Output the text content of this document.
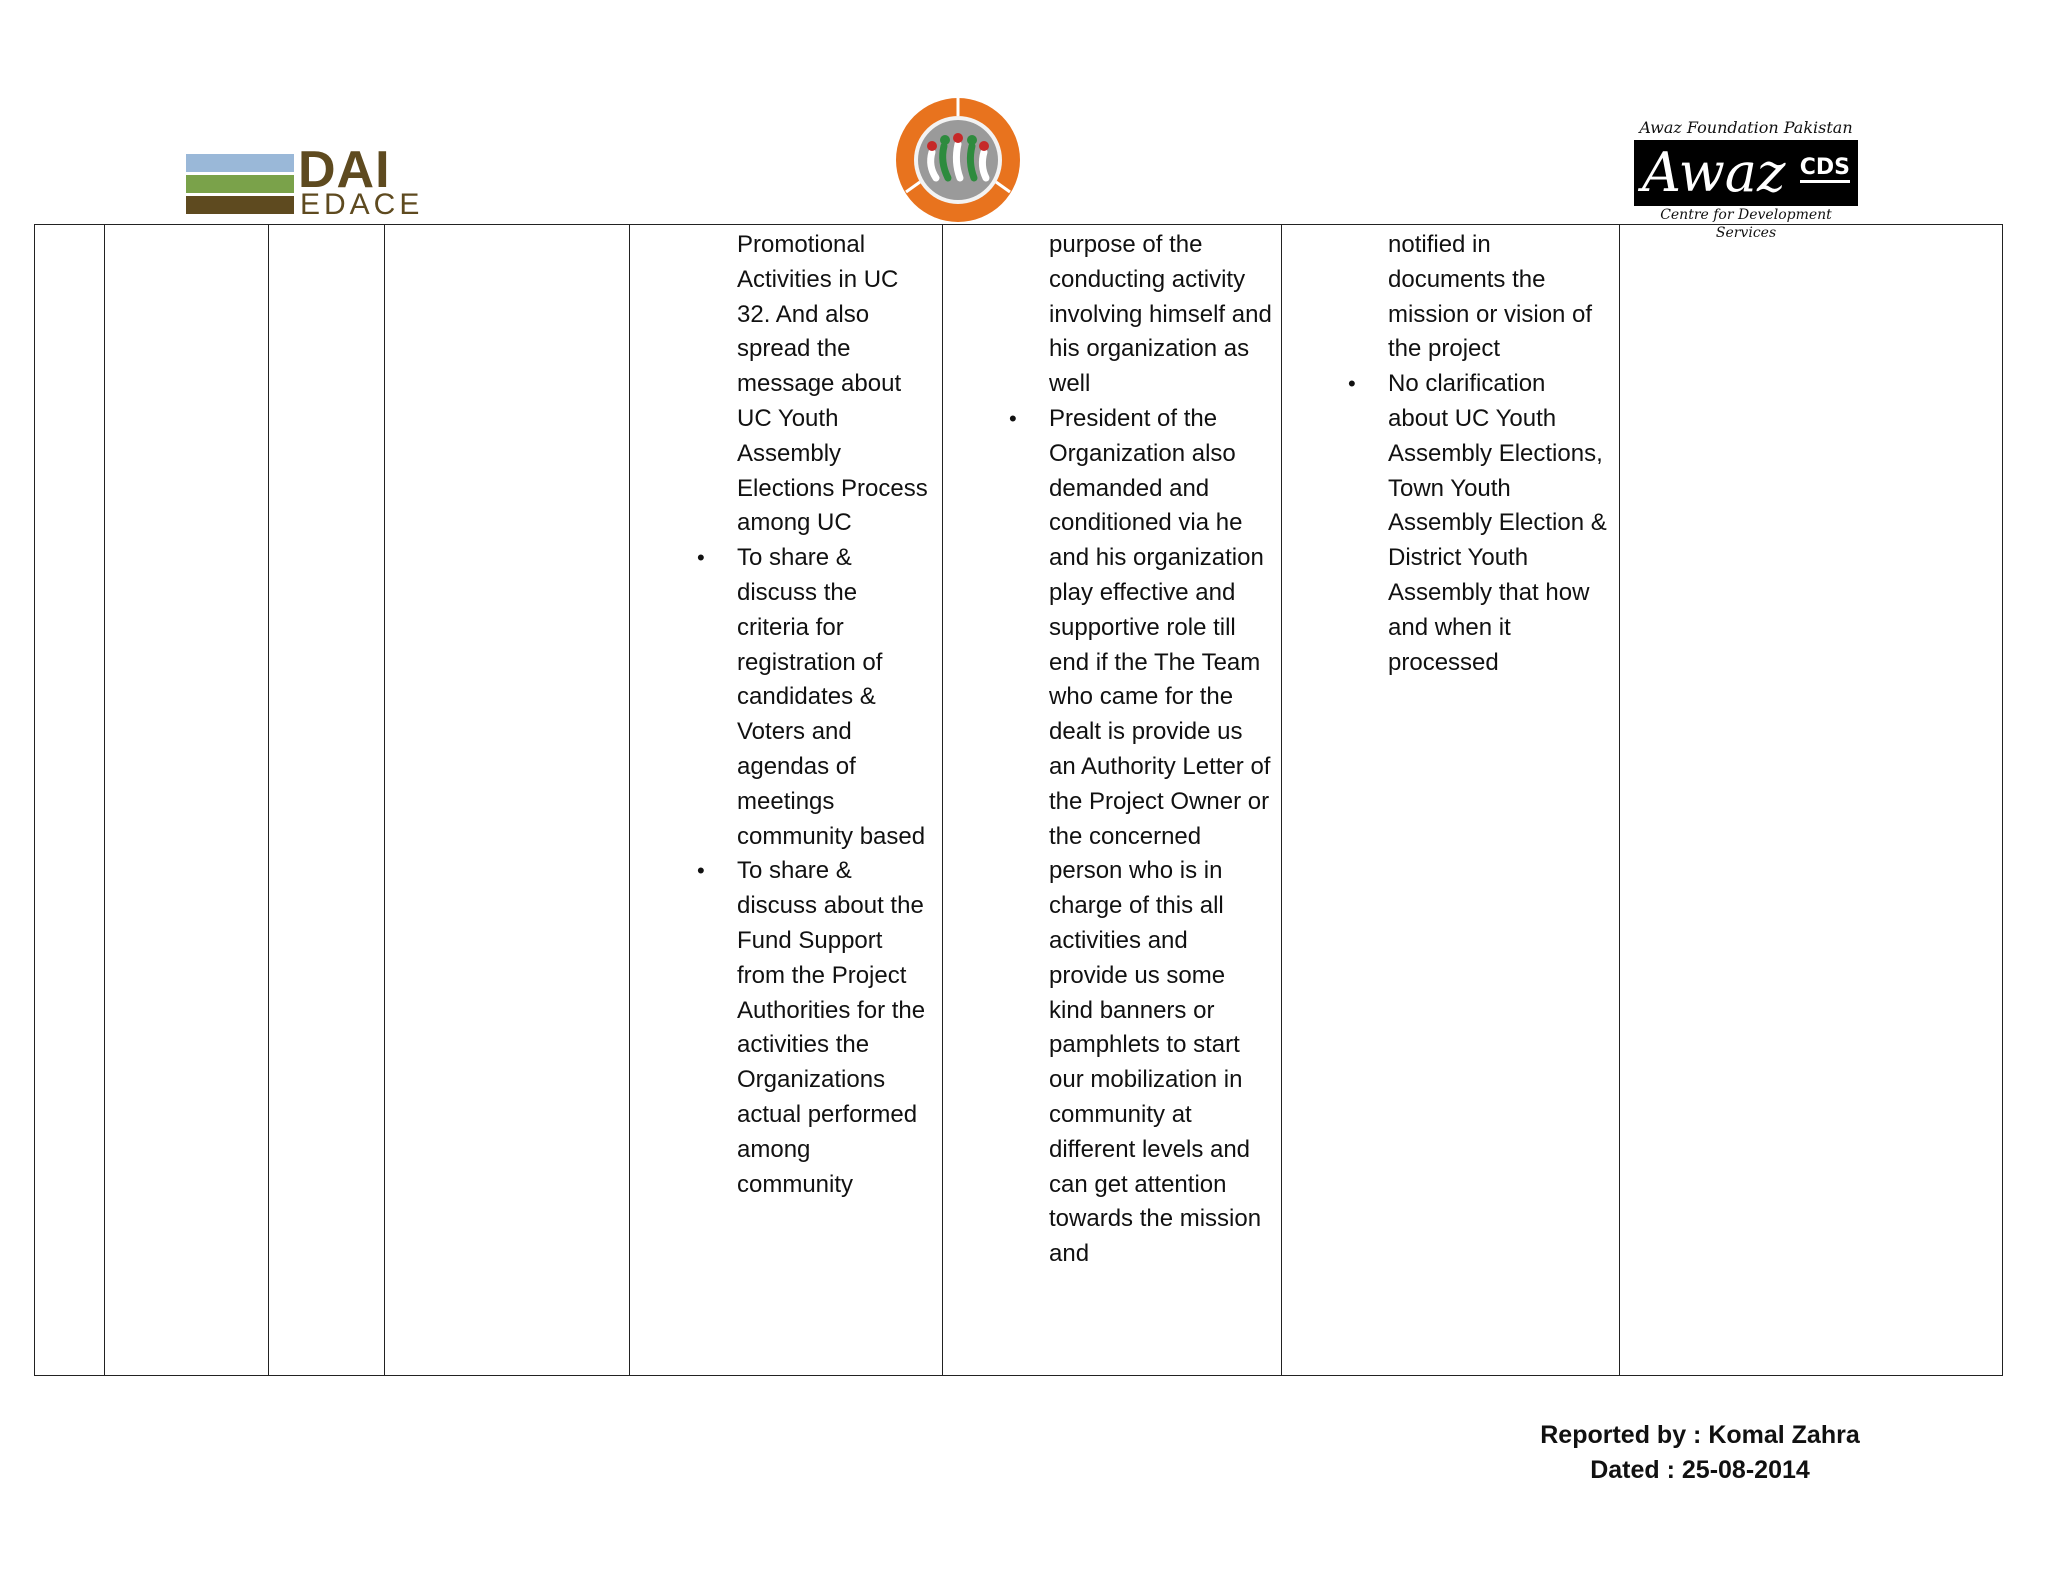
DAI
EDACE
Awaz Foundation Pakistan
Awaz CDS
Centre for Development Services

Promotional Activities in UC 32. And also spread the message about UC Youth Assembly Elections Process among UC
• To share & discuss the criteria for registration of candidates & Voters and agendas of meetings community based
• To share & discuss about the Fund Support from the Project Authorities for the activities the Organizations actual performed among community

purpose of the conducting activity involving himself and his organization as well
• President of the Organization also demanded and conditioned via he and his organization play effective and supportive role till end if the The Team who came for the dealt is provide us an Authority Letter of the Project Owner or the concerned person who is in charge of this all activities and provide us some kind banners or pamphlets to start our mobilization in community at different levels and can get attention towards the mission and

notified in documents the mission or vision of the project
• No clarification about UC Youth Assembly Elections, Town Youth Assembly Election & District Youth Assembly that how and when it processed

Reported by : Komal Zahra
Dated : 25-08-2014
